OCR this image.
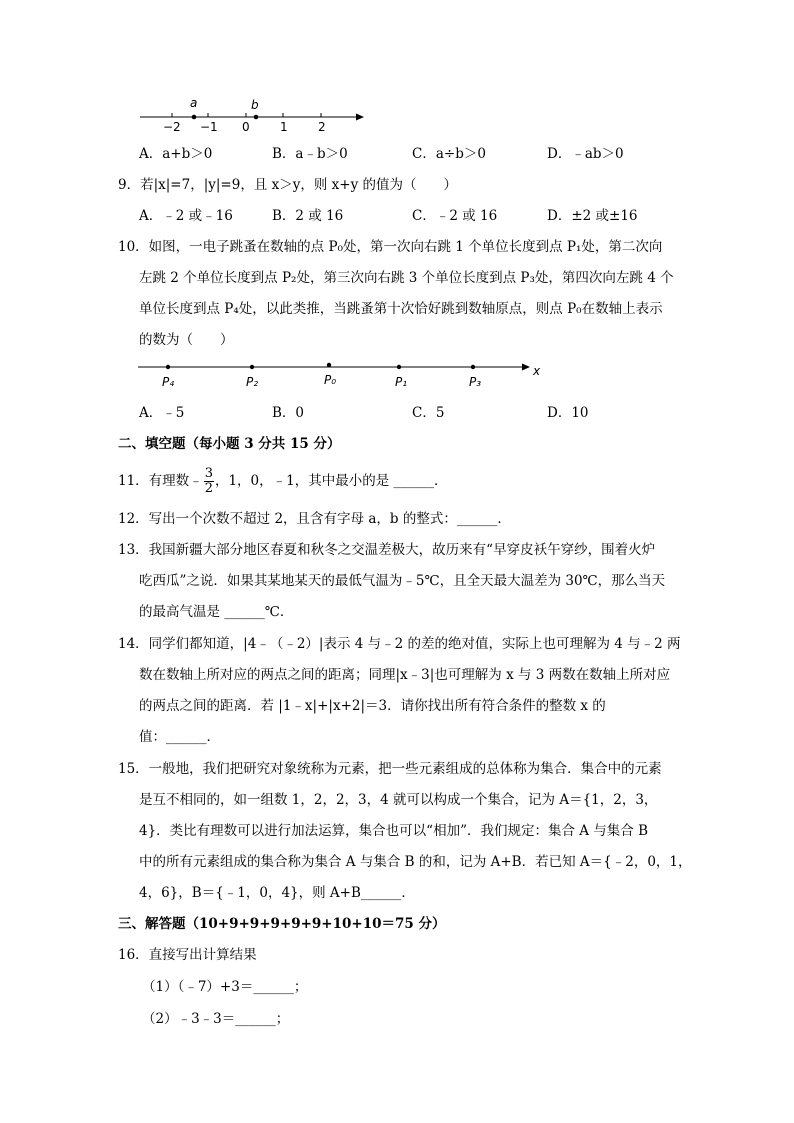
a	b
−2 −1 0	1	2
A．a+b＞0	B．a﹣b＞0	C．a÷b＞0	D．﹣ab＞0
9．若|x|=7，|y|=9，且 x＞y，则 x+y 的值为（　　）
A．﹣2 或﹣16	B．2 或 16	C．﹣2 或 16	D．±2 或±16
10．如图，一电子跳蚤在数轴的点 P₀处，第一次向右跳 1 个单位长度到点 P₁处，第二次向
左跳 2 个单位长度到点 P₂处，第三次向右跳 3 个单位长度到点 P₃处，第四次向左跳 4 个
单位长度到点 P₄处，以此类推，当跳蚤第十次恰好跳到数轴原点，则点 P₀在数轴上表示
的数为（　　）
x
P₄	P₂	P₀	P₁	P₃
A．﹣5	B．0	C．5	D．10
二、填空题（每小题 3 分共 15 分）
11．有理数﹣ $\frac{3}{2}$ ，1，0，﹣1，其中最小的是 ______．
12．写出一个次数不超过 2，且含有字母 a，b 的整式：______．
13．我国新疆大部分地区春夏和秋冬之交温差极大，故历来有“早穿皮袄午穿纱，围着火炉
吃西瓜”之说．如果其某地某天的最低气温为﹣5℃，且全天最大温差为 30℃，那么当天
的最高气温是 ______℃．
14．同学们都知道，|4﹣（﹣2）|表示 4 与﹣2 的差的绝对值，实际上也可理解为 4 与﹣2 两
数在数轴上所对应的两点之间的距离；同理|x﹣3|也可理解为 x 与 3 两数在数轴上所对应
的两点之间的距离．若 |1﹣x|+|x+2|＝3．请你找出所有符合条件的整数 x 的
值：______．
15．一般地，我们把研究对象统称为元素，把一些元素组成的总体称为集合．集合中的元素
是互不相同的，如一组数 1，2，2，3，4 就可以构成一个集合，记为 A＝{1，2，3，
4}．类比有理数可以进行加法运算，集合也可以“相加”．我们规定：集合 A 与集合 B
中的所有元素组成的集合称为集合 A 与集合 B 的和，记为 A+B．若已知 A＝{﹣2，0，1，
4，6}，B＝{﹣1，0，4}，则 A+B______．
三、解答题（10+9+9+9+9+9+10+10＝75 分）
16．直接写出计算结果
（1）（﹣7）+3＝______；
（2）﹣3﹣3＝______；
